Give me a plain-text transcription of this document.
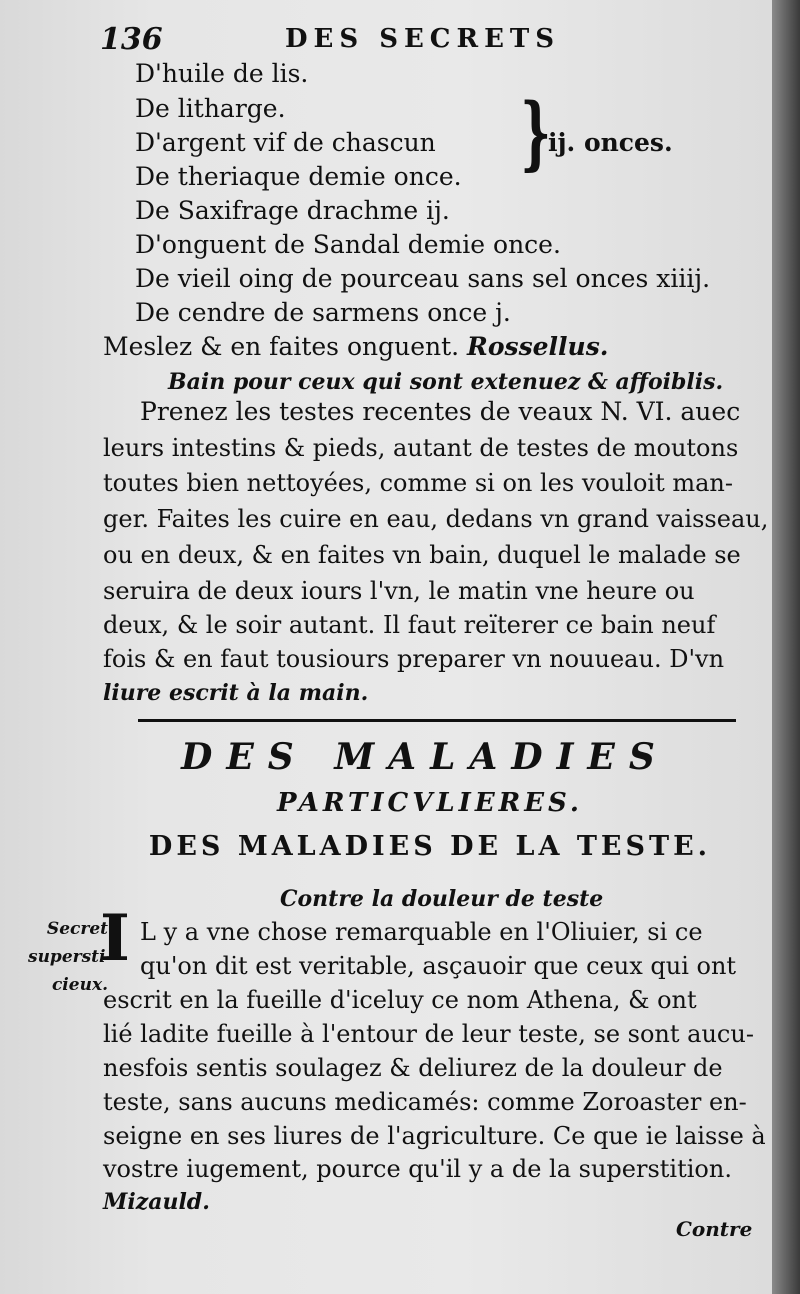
136	DES SECRETS
D'huile de lis.
De litharge.
D'argent vif de chascun
De theriaque demie once.
De Saxifrage drachme ij.
D'onguent de Sandal demie once.
De vieil oing de pourceau sans sel onces xiiij.
De cendre de sarmens once j.
}
ij. onces.
Meslez & en faites onguent. Rossellus.
Bain pour ceux qui sont extenuez & affoiblis.
Prenez les testes recentes de veaux N. VI. auec
leurs intestins & pieds, autant de testes de moutons
toutes bien nettoyées, comme si on les vouloit man-
ger. Faites les cuire en eau, dedans vn grand vaisseau,
ou en deux, & en faites vn bain, duquel le malade se
seruira de deux iours l'vn, le matin vne heure ou
deux, & le soir autant. Il faut reïterer ce bain neuf
fois & en faut tousiours preparer vn nouueau. D'vn
liure escrit à la main.
DES MALADIES
PARTICVLIERES.
DES MALADIES DE LA TESTE.
Contre la douleur de teste
Secret
supersti-
cieux.
I L y a vne chose remarquable en l'Oliuier, si ce
qu'on dit est veritable, asçauoir que ceux qui ont
escrit en la fueille d'iceluy ce nom Athena, & ont
lié ladite fueille à l'entour de leur teste, se sont aucu-
nesfois sentis soulagez & deliurez de la douleur de
teste, sans aucuns medicamés: comme Zoroaster en-
seigne en ses liures de l'agriculture. Ce que ie laisse à
vostre iugement, pource qu'il y a de la superstition.
Mizauld.
Contre
